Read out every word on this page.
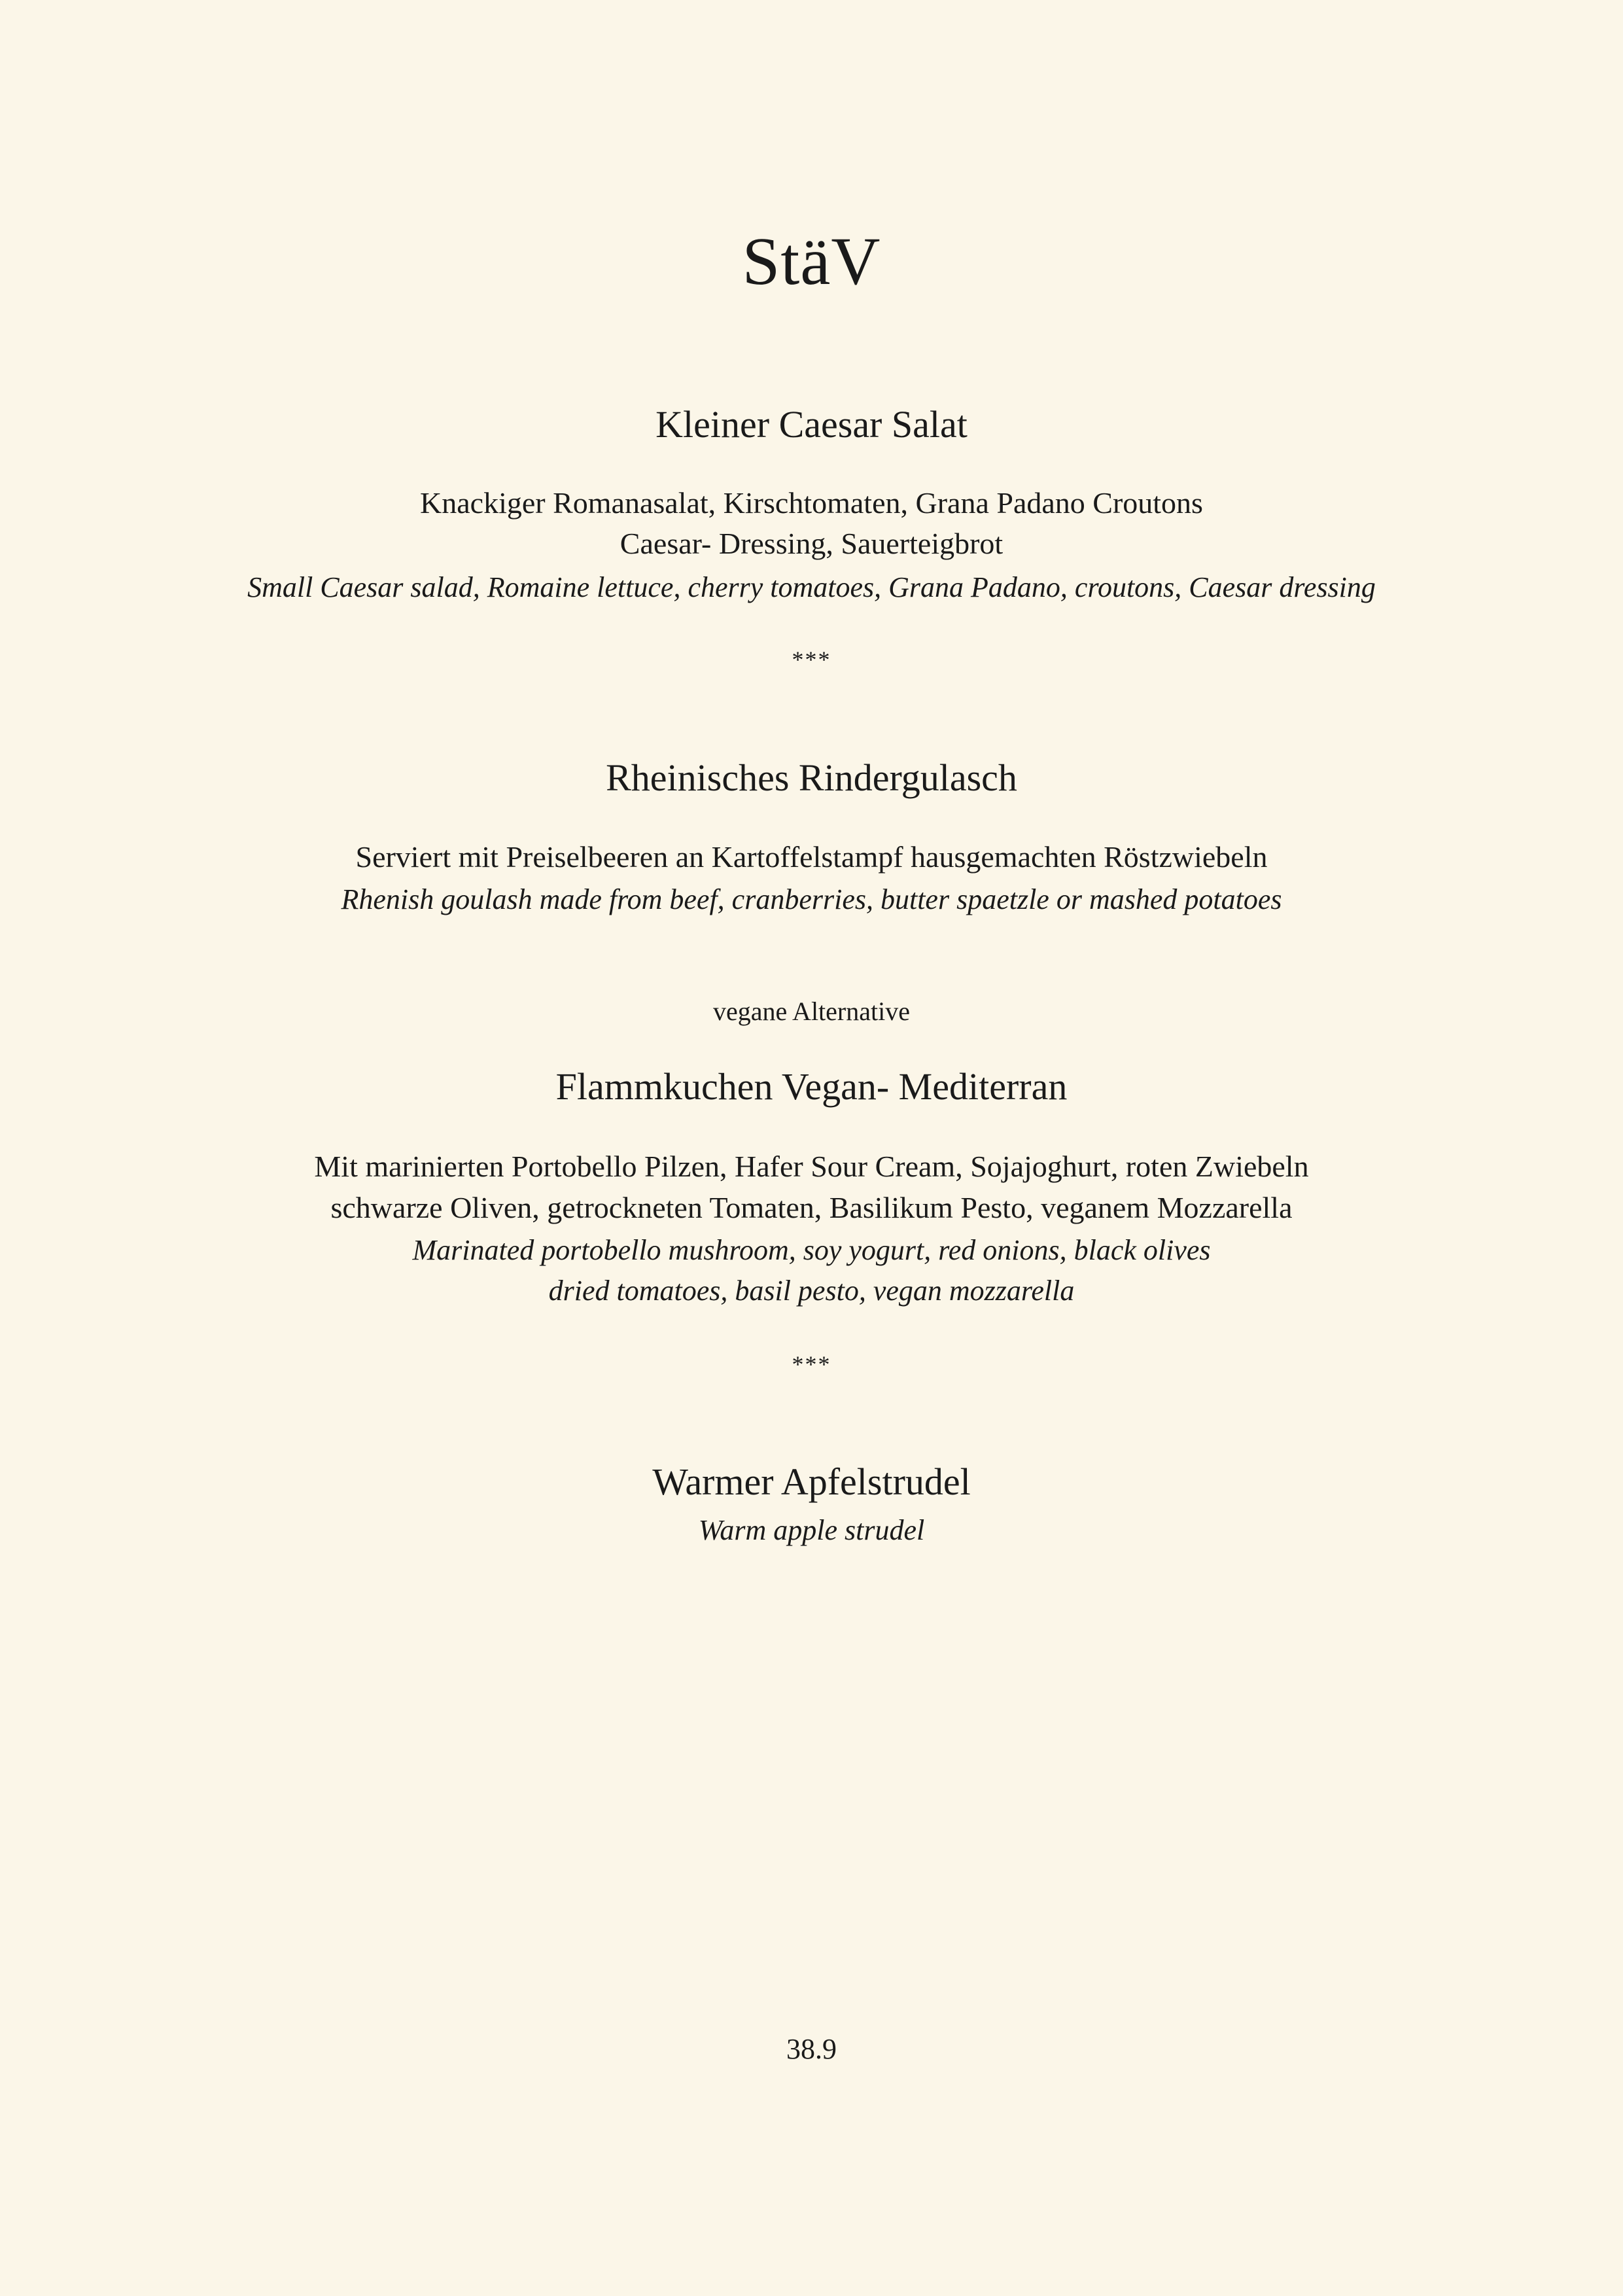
StäV
Kleiner Caesar Salat
Knackiger Romanasalat, Kirschtomaten, Grana Padano Croutons
Caesar- Dressing, Sauerteigbrot
Small Caesar salad, Romaine lettuce, cherry tomatoes, Grana Padano, croutons, Caesar dressing
***
Rheinisches Rindergulasch
Serviert mit Preiselbeeren an Kartoffelstampf hausgemachten Röstzwiebeln
Rhenish goulash made from beef, cranberries, butter spaetzle or mashed potatoes
vegane Alternative
Flammkuchen Vegan- Mediterran
Mit marinierten Portobello Pilzen, Hafer Sour Cream, Sojajoghurt, roten Zwiebeln
schwarze Oliven, getrockneten Tomaten, Basilikum Pesto, veganem Mozzarella
Marinated portobello mushroom, soy yogurt, red onions, black olives
dried tomatoes, basil pesto, vegan mozzarella
***
Warmer Apfelstrudel
Warm apple strudel
38.9
